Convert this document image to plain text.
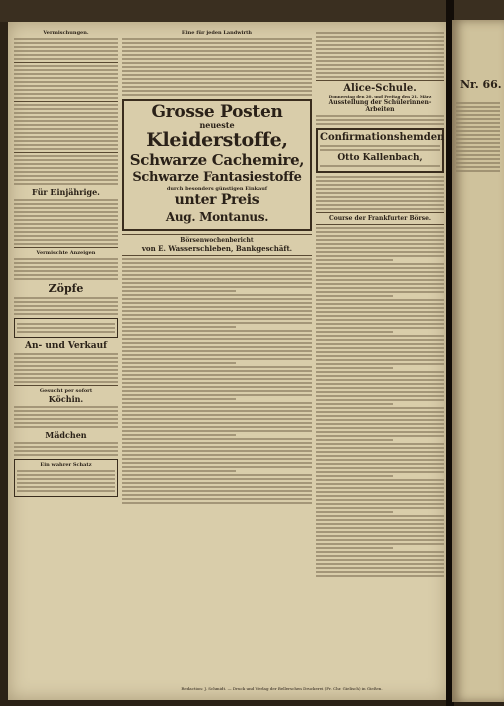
Vermischungen.
Für Einjährige.
Vermischte Anzeigen
Zöpfe
An- und Verkauf
Gesucht per sofort
Köchin.
Mädchen
Ein wahrer Schatz
Eine für jeden Landwirth
Grosse Posten
neueste
Kleiderstoffe,
Schwarze Cachemire,
Schwarze Fantasiestoffe
durch besonders günstigen Einkauf
unter Preis
Aug. Montanus.
Börsenwochenbericht
von E. Wasserschleben, Bankgeschäft.
Alice-Schule.
Donnerstag den 20. und Freitag den 21. März
Ausstellung der Schülerinnen-Arbeiten
Confirmationshemden
Otto Kallenbach,
Course der Frankfurter Börse.
Redaction: J. Schmidt. — Druck und Verlag der Bellerschen Druckerei (Fr. Chr. Gielisch) in Gießen.
Nr. 66.
